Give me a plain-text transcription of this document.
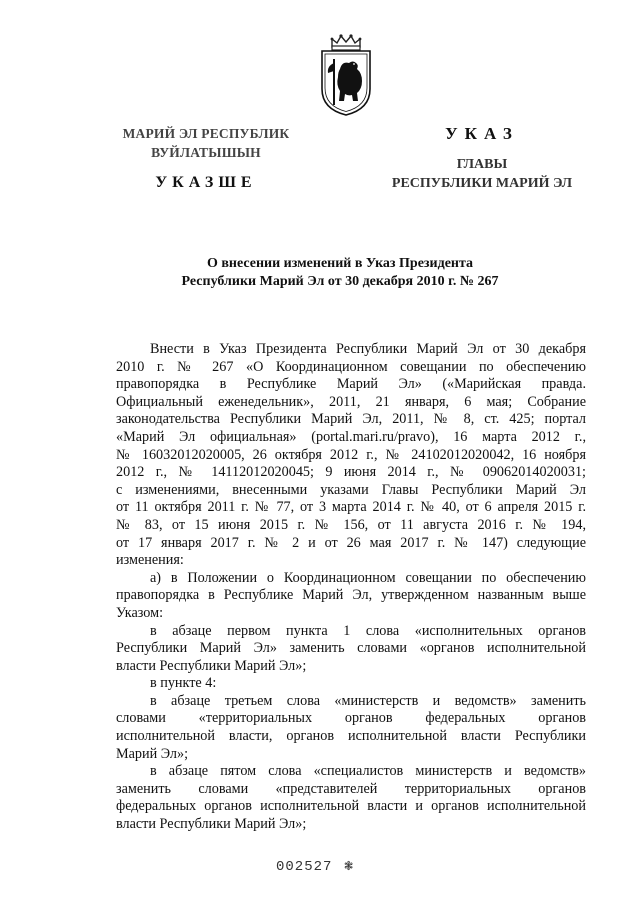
МАРИЙ ЭЛ РЕСПУБЛИК
ВУЙЛАТЫШЫН
УКАЗШЕ
УКАЗ
ГЛАВЫ
РЕСПУБЛИКИ МАРИЙ ЭЛ
О внесении изменений в Указ Президента
Республики Марий Эл от 30 декабря 2010 г. № 267
Внести в Указ Президента Республики Марий Эл от 30 декабря
2010 г. № 267 «О Координационном совещании по обеспечению
правопорядка в Республике Марий Эл» («Марийская правда.
Официальный еженедельник», 2011, 21 января, 6 мая; Собрание
законодательства Республики Марий Эл, 2011, № 8, ст. 425; портал
«Марий Эл официальная» (portal.mari.ru/pravo), 16 марта 2012 г.,
№ 16032012020005, 26 октября 2012 г., № 24102012020042, 16 ноября
2012 г., № 14112012020045; 9 июня 2014 г., № 09062014020031;
с изменениями, внесенными указами Главы Республики Марий Эл
от 11 октября 2011 г. № 77, от 3 марта 2014 г. № 40, от 6 апреля 2015 г.
№ 83, от 15 июня 2015 г. № 156, от 11 августа 2016 г. № 194,
от 17 января 2017 г. № 2 и от 26 мая 2017 г. № 147) следующие
изменения:
а) в Положении о Координационном совещании по обеспечению
правопорядка в Республике Марий Эл, утвержденном названным выше
Указом:
в абзаце первом пункта 1 слова «исполнительных органов
Республики Марий Эл» заменить словами «органов исполнительной
власти Республики Марий Эл»;
в пункте 4:
в абзаце третьем слова «министерств и ведомств» заменить
словами «территориальных органов федеральных органов
исполнительной власти, органов исполнительной власти Республики
Марий Эл»;
в абзаце пятом слова «специалистов министерств и ведомств»
заменить словами «представителей территориальных органов
федеральных органов исполнительной власти и органов исполнительной
власти Республики Марий Эл»;
002527 ❃
